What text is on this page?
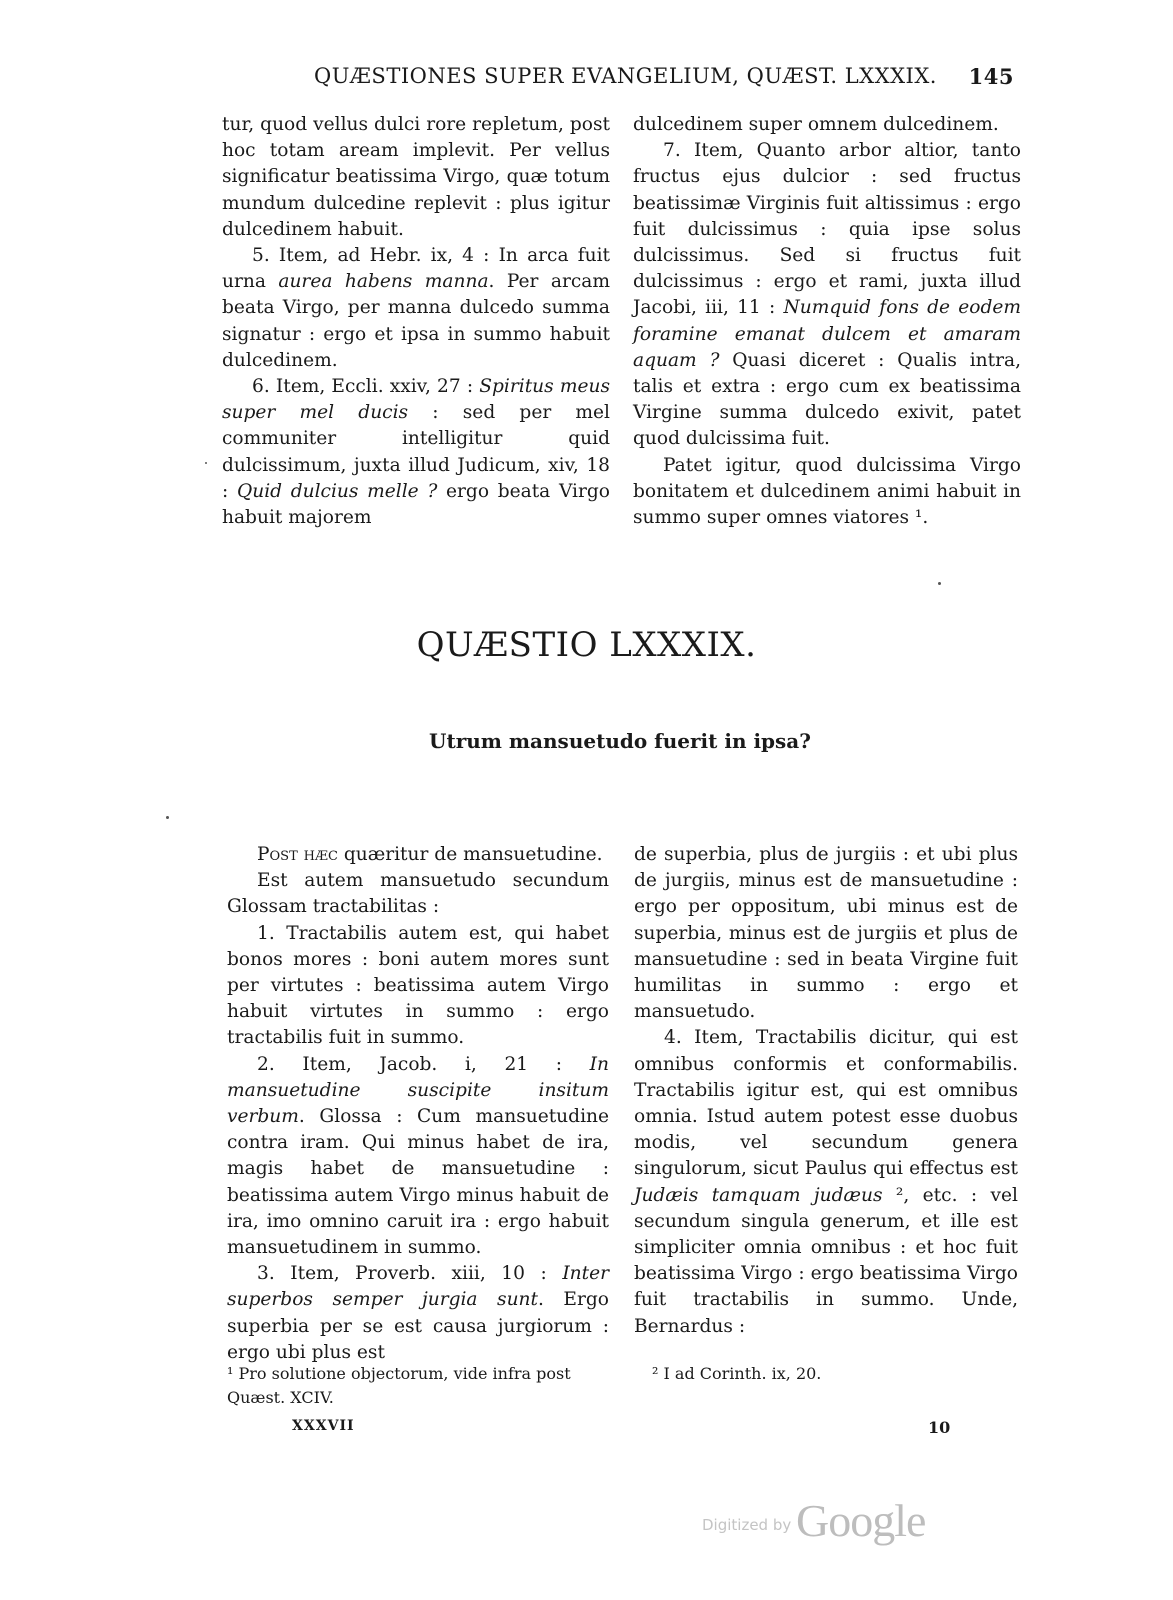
QUÆSTIONES SUPER EVANGELIUM, QUÆST. LXXXIX. 145

tur, quod vellus dulci rore repletum, post hoc totam aream implevit. Per vellus significatur beatissima Virgo, quæ totum mundum dulcedine replevit : plus igitur dulcedinem habuit.

5. Item, ad Hebr. ix, 4 : In arca fuit urna aurea habens manna. Per arcam beata Virgo, per manna dulcedo summa signatur : ergo et ipsa in summo habuit dulcedinem.

6. Item, Eccli. xxiv, 27 : Spiritus meus super mel ducis : sed per mel communiter intelligitur quid dulcissimum, juxta illud Judicum, xiv, 18 : Quid dulcius melle ? ergo beata Virgo habuit majorem

dulcedinem super omnem dulcedinem.

7. Item, Quanto arbor altior, tanto fructus ejus dulcior : sed fructus beatissimæ Virginis fuit altissimus : ergo fuit dulcissimus : quia ipse solus dulcissimus. Sed si fructus fuit dulcissimus : ergo et rami, juxta illud Jacobi, iii, 11 : Numquid fons de eodem foramine emanat dulcem et amaram aquam ? Quasi diceret : Qualis intra, talis et extra : ergo cum ex beatissima Virgine summa dulcedo exivit, patet quod dulcissima fuit.

Patet igitur, quod dulcissima Virgo bonitatem et dulcedinem animi habuit in summo super omnes viatores ¹.

QUÆSTIO LXXXIX.
Utrum mansuetudo fuerit in ipsa?

Post hæc quæritur de mansuetudine.

Est autem mansuetudo secundum Glossam tractabilitas :

1. Tractabilis autem est, qui habet bonos mores : boni autem mores sunt per virtutes : beatissima autem Virgo habuit virtutes in summo : ergo tractabilis fuit in summo.

2. Item, Jacob. i, 21 : In mansuetudine suscipite insitum verbum. Glossa : Cum mansuetudine contra iram. Qui minus habet de ira, magis habet de mansuetudine : beatissima autem Virgo minus habuit de ira, imo omnino caruit ira : ergo habuit mansuetudinem in summo.

3. Item, Proverb. xiii, 10 : Inter superbos semper jurgia sunt. Ergo superbia per se est causa jurgiorum : ergo ubi plus est

de superbia, plus de jurgiis : et ubi plus de jurgiis, minus est de mansuetudine : ergo per oppositum, ubi minus est de superbia, minus est de jurgiis et plus de mansuetudine : sed in beata Virgine fuit humilitas in summo : ergo et mansuetudo.

4. Item, Tractabilis dicitur, qui est omnibus conformis et conformabilis. Tractabilis igitur est, qui est omnibus omnia. Istud autem potest esse duobus modis, vel secundum genera singulorum, sicut Paulus qui effectus est Judæis tamquam judæus ², etc. : vel secundum singula generum, et ille est simpliciter omnia omnibus : et hoc fuit beatissima Virgo : ergo beatissima Virgo fuit tractabilis in summo. Unde, Bernardus :

¹ Pro solutione objectorum, vide infra post Quæst. XCIV.
² I ad Corinth. ix, 20.
XXXVII	10
Digitized by Google
